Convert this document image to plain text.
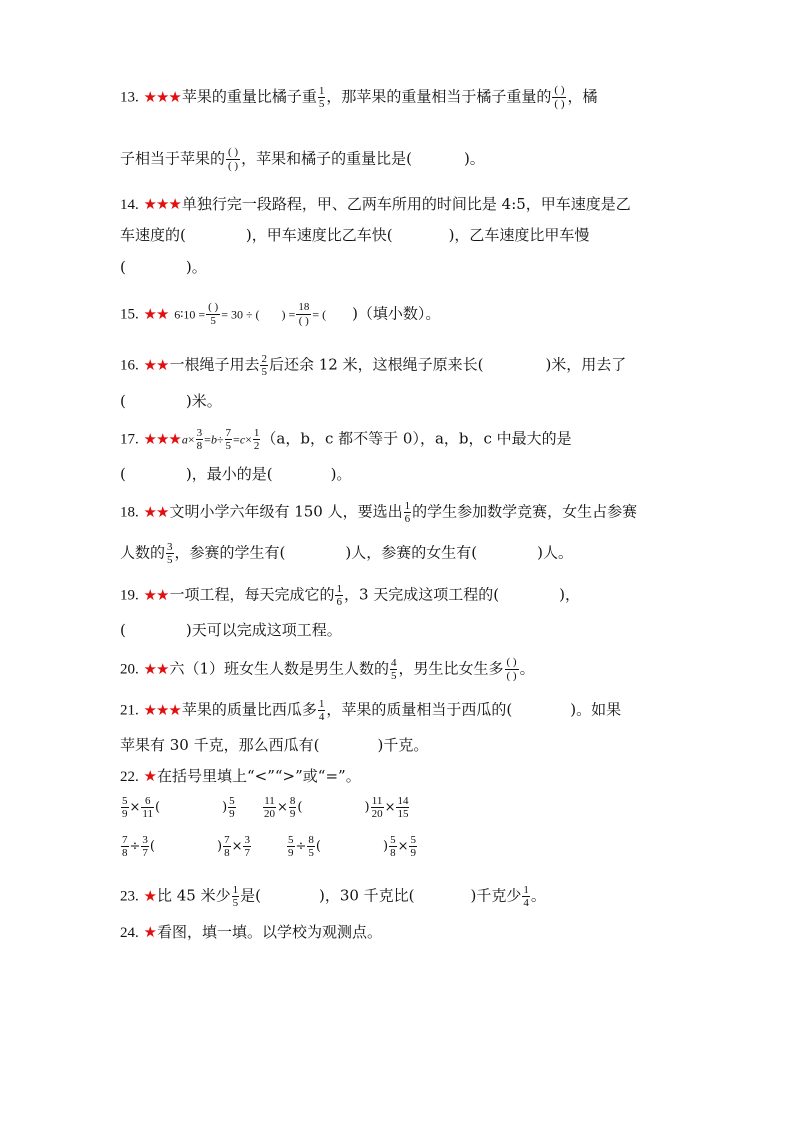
13. ★★★苹果的重量比橘子重 $\frac{1}{5}$ ，那苹果的重量相当于橘子重量的 ( )
( ) ，橘
子相当于苹果的 ( )
( ) ，苹果和橘子的重量比是(	)。
14. ★★★单独行完一段路程，甲、乙两车所用的时间比是 4:5，甲车速度是乙
车速度的(	)，甲车速度比乙车快(	)，乙车速度比甲车慢
(	)。
15. ★★ 6∶10 =
( )
5 = 30 ÷ ( ) =
18
( ) = ( )（填小数）。
16. ★★一根绳子用去 $\frac{2}{5}$ 后还余 12 米，这根绳子原来长(	)米，用去了
(	)米。
17. ★★★a× $\frac{3}{8} =b\div \frac{7}{5} =c\times \frac{1}{2} (a$，b，c 都不等于 0），a，b，c 中最大的是
(	)，最小的是(	)。
18. ★★文明小学六年级有 150 人，要选出 $\frac{1}{6}$ 的学生参加数学竞赛，女生占参赛
人数的 $\frac{3}{5}$ ，参赛的学生有(	)人，参赛的女生有(	)人。
19. ★★一项工程，每天完成它的 $\frac{1}{6}$ ，3 天完成这项工程的(	)，
(	)天可以完成这项工程。
20. ★★六（1）班女生人数是男生人数的 $\frac{4}{5}$ ，男生比女生多 ( )
( ) 。
21. ★★★苹果的质量比西瓜多 $\frac{1}{4}$ ，苹果的质量相当于西瓜的(	)。如果
苹果有 30 千克，那么西瓜有(	)千克。
22. ★在括号里填上“<”“>”或“=”。
$\frac{5}{9} \times \frac{6}{11}$ (	) $\frac{5}{9} \frac{11}{20} \times \frac{8}{9}$ (	) $\frac{11}{20} \times \frac{14}{15}$
$\frac{7}{8} \div \frac{3}{7}$ (	) $\frac{7}{8} \times \frac{3}{7}$	$\frac{5}{9} \div \frac{8}{5}$ (	) $\frac{5}{8} \times \frac{5}{9}$
23. ★比 45 米少 $\frac{1}{5}$ 是(	)，30 千克比(	)千克少 $\frac{1}{4}$ 。
24. ★看图，填一填。以学校为观测点。
